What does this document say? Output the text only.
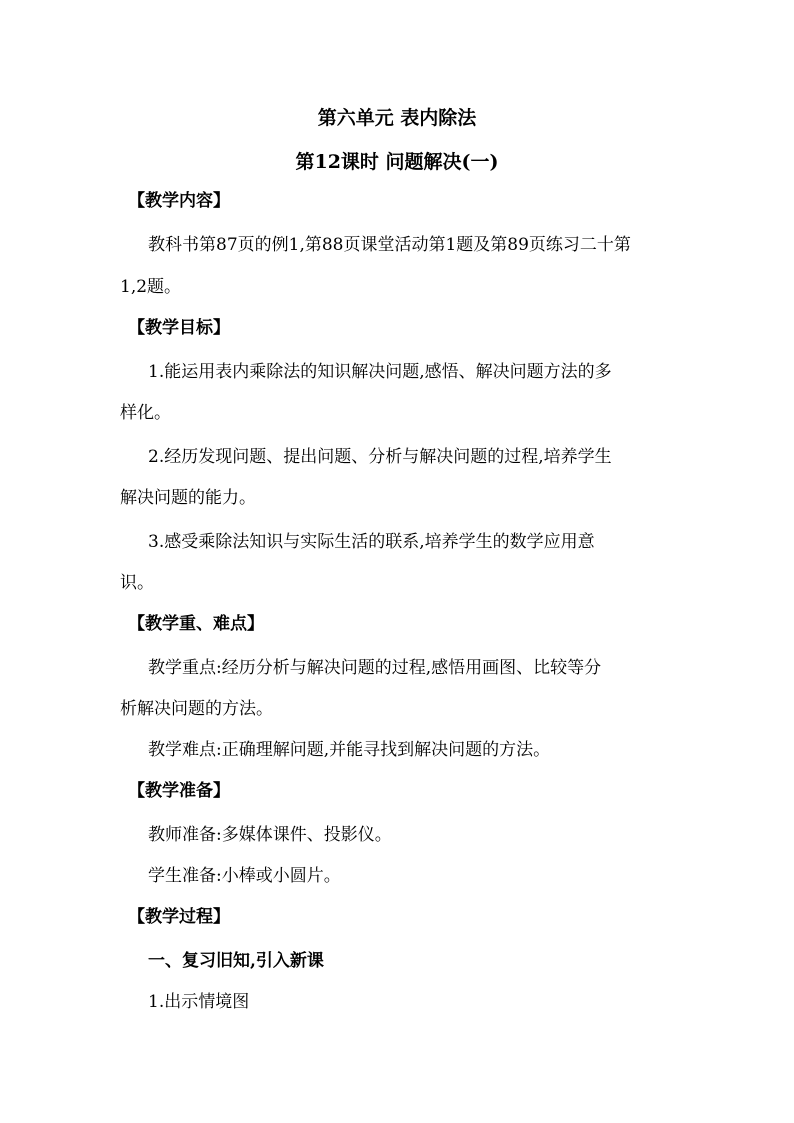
第六单元 表内除法
第12课时 问题解决(一)
【教学内容】
教科书第87页的例1,第88页课堂活动第1题及第89页练习二十第
1,2题。
【教学目标】
1.能运用表内乘除法的知识解决问题,感悟、解决问题方法的多
样化。
2.经历发现问题、提出问题、分析与解决问题的过程,培养学生
解决问题的能力。
3.感受乘除法知识与实际生活的联系,培养学生的数学应用意
识。
【教学重、难点】
教学重点:经历分析与解决问题的过程,感悟用画图、比较等分
析解决问题的方法。
教学难点:正确理解问题,并能寻找到解决问题的方法。
【教学准备】
教师准备:多媒体课件、投影仪。
学生准备:小棒或小圆片。
【教学过程】
一、复习旧知,引入新课
1.出示情境图
